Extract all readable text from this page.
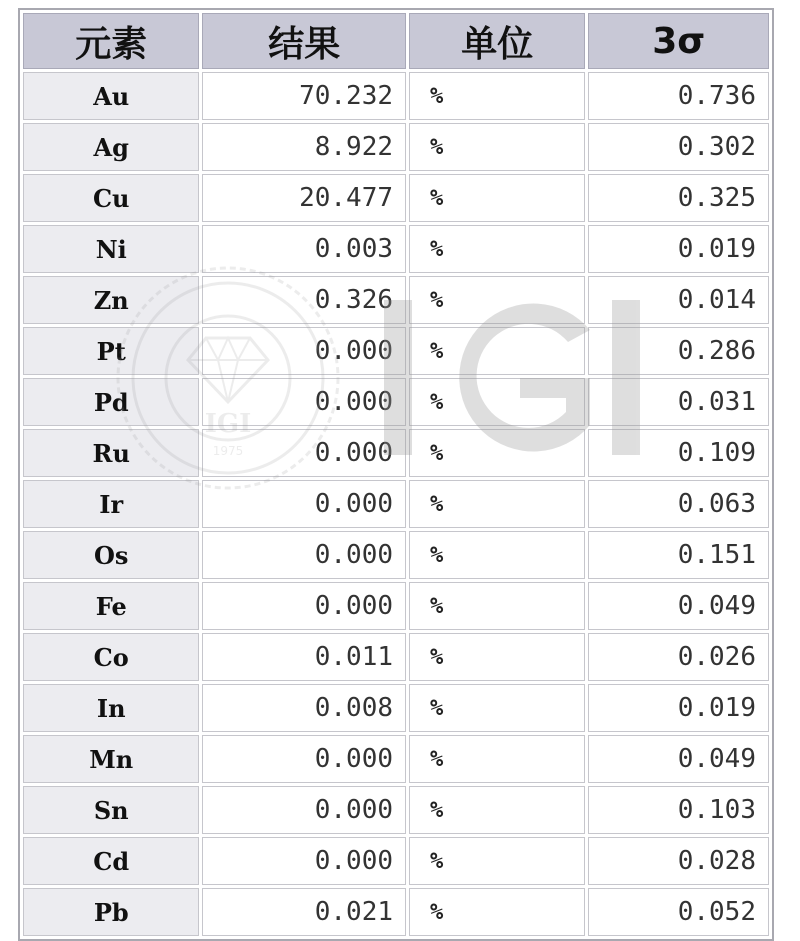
元素	结果	单位	3σ
Au	70.232	%	0.736
Ag	8.922	%	0.302
Cu	20.477	%	0.325
Ni	0.003	%	0.019
Zn	0.326	%	0.014
Pt	0.000	%	0.286
Pd	0.000	%	0.031
Ru	0.000	%	0.109
Ir	0.000	%	0.063
Os	0.000	%	0.151
Fe	0.000	%	0.049
Co	0.011	%	0.026
In	0.008	%	0.019
Mn	0.000	%	0.049
Sn	0.000	%	0.103
Cd	0.000	%	0.028
Pb	0.021	%	0.052
